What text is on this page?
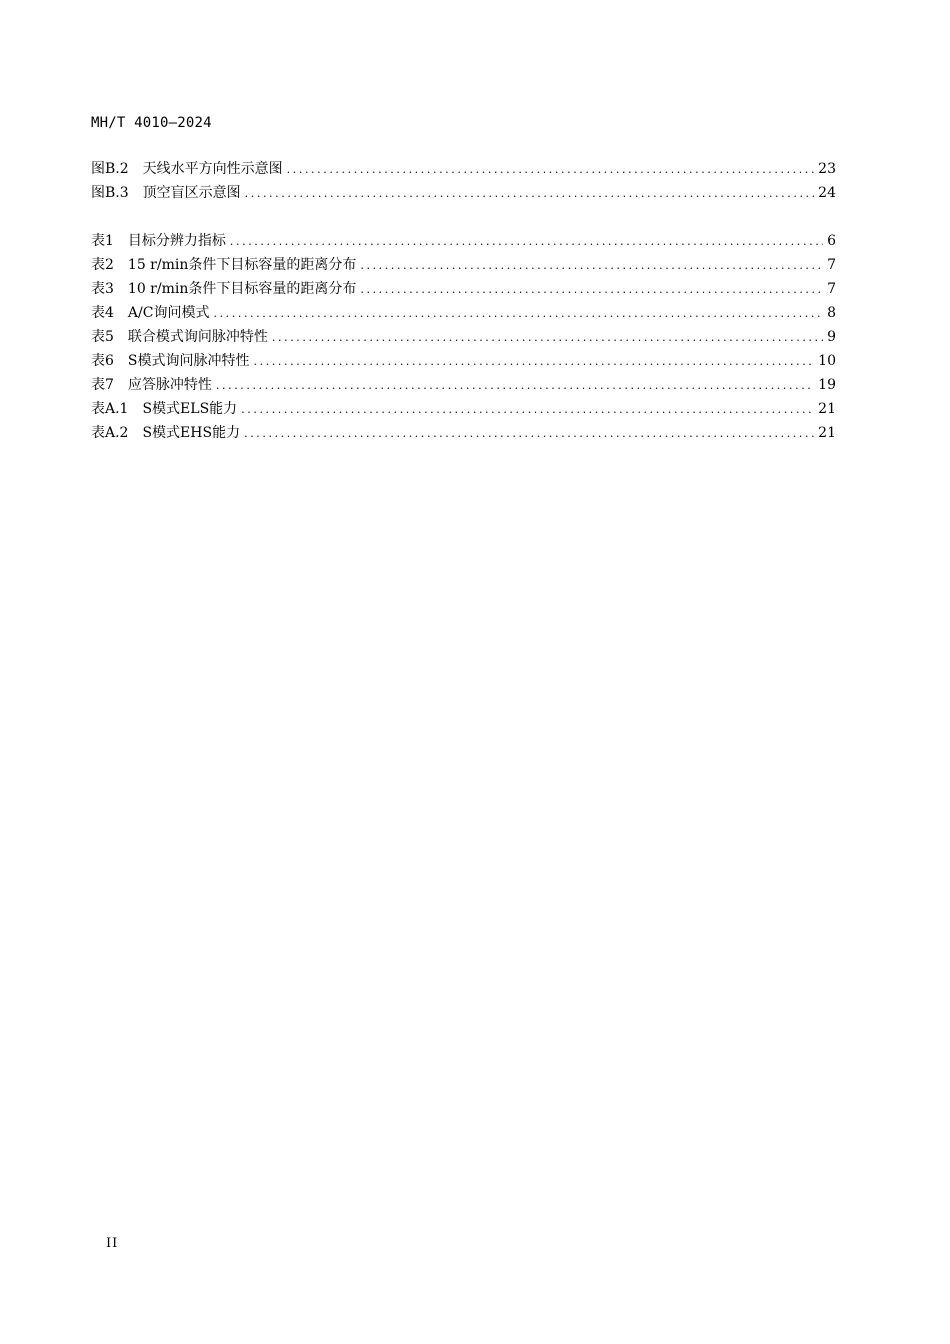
MH/T 4010—2024
图B.2 天线水平方向性示意图 .....	23
图B.3 顶空盲区示意图 .....	24
表1 目标分辨力指标 .....	6
表2 15 r/min条件下目标容量的距离分布 .....	7
表3 10 r/min条件下目标容量的距离分布 .....	7
表4 A/C询问模式 .....	8
表5 联合模式询问脉冲特性 .....	9
表6 S模式询问脉冲特性 .....	10
表7 应答脉冲特性 .....	19
表A.1 S模式ELS能力 .....	21
表A.2 S模式EHS能力 .....	21
II
